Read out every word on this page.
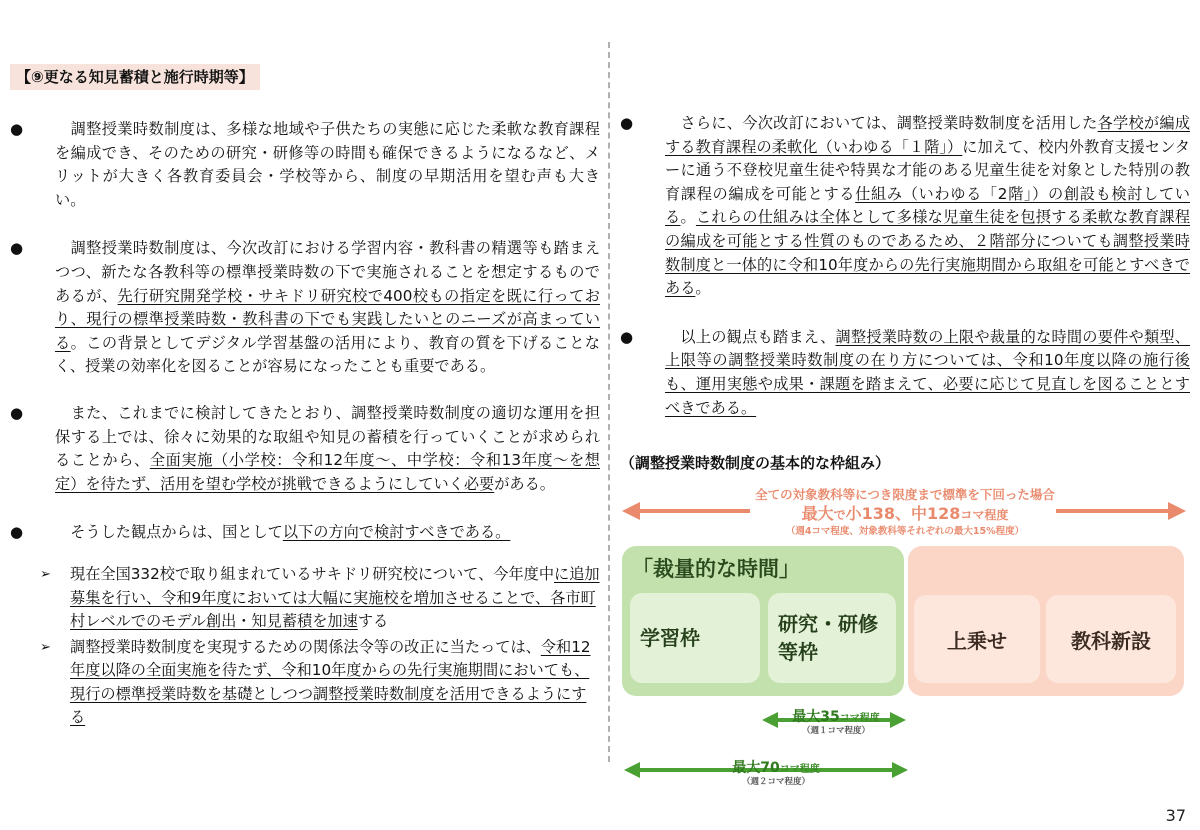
【⑨更なる知見蓄積と施行時期等】
● 　調整授業時数制度は、多様な地域や子供たちの実態に応じた柔軟な教育課程を編成でき、そのための研究・研修等の時間も確保できるようになるなど、メリットが大きく各教育委員会・学校等から、制度の早期活用を望む声も大きい。
● 　調整授業時数制度は、今次改訂における学習内容・教科書の精選等も踏まえつつ、新たな各教科等の標準授業時数の下で実施されることを想定するものであるが、先行研究開発学校・サキドリ研究校で400校もの指定を既に行っており、現行の標準授業時数・教科書の下でも実践したいとのニーズが高まっている。この背景としてデジタル学習基盤の活用により、教育の質を下げることなく、授業の効率化を図ることが容易になったことも重要である。
● 　また、これまでに検討してきたとおり、調整授業時数制度の適切な運用を担保する上では、徐々に効果的な取組や知見の蓄積を行っていくことが求められることから、全面実施（小学校：令和12年度～、中学校：令和13年度～を想定）を待たず、活用を望む学校が挑戦できるようにしていく必要がある。
● 　そうした観点からは、国として以下の方向で検討すべきである。
➢ 現在全国332校で取り組まれているサキドリ研究校について、今年度中に追加募集を行い、令和9年度においては大幅に実施校を増加させることで、各市町村レベルでのモデル創出・知見蓄積を加速する
➢ 調整授業時数制度を実現するための関係法令等の改正に当たっては、令和12年度以降の全面実施を待たず、令和10年度からの先行実施期間においても、現行の標準授業時数を基礎としつつ調整授業時数制度を活用できるようにする
● 　さらに、今次改訂においては、調整授業時数制度を活用した各学校が編成する教育課程の柔軟化（いわゆる「１階」）に加えて、校内外教育支援センターに通う不登校児童生徒や特異な才能のある児童生徒を対象とした特別の教育課程の編成を可能とする仕組み（いわゆる「2階」）の創設も検討している。これらの仕組みは全体として多様な児童生徒を包摂する柔軟な教育課程の編成を可能とする性質のものであるため、２階部分についても調整授業時数制度と一体的に令和10年度からの先行実施期間から取組を可能とすべきである。
● 　以上の観点も踏まえ、調整授業時数の上限や裁量的な時間の要件や類型、上限等の調整授業時数制度の在り方については、令和10年度以降の施行後も、運用実態や成果・課題を踏まえて、必要に応じて見直しを図ることとすべきである。
（調整授業時数制度の基本的な枠組み）
全ての対象教科等につき限度まで標準を下回った場合
最大で小138、中128コマ程度
（週4コマ程度、対象教科等それぞれの最大15%程度）
「裁量的な時間」
学習枠
研究・研修等枠	上乗せ	教科新設
最大35コマ程度
（週１コマ程度）
最大70コマ程度
（週２コマ程度）
37
